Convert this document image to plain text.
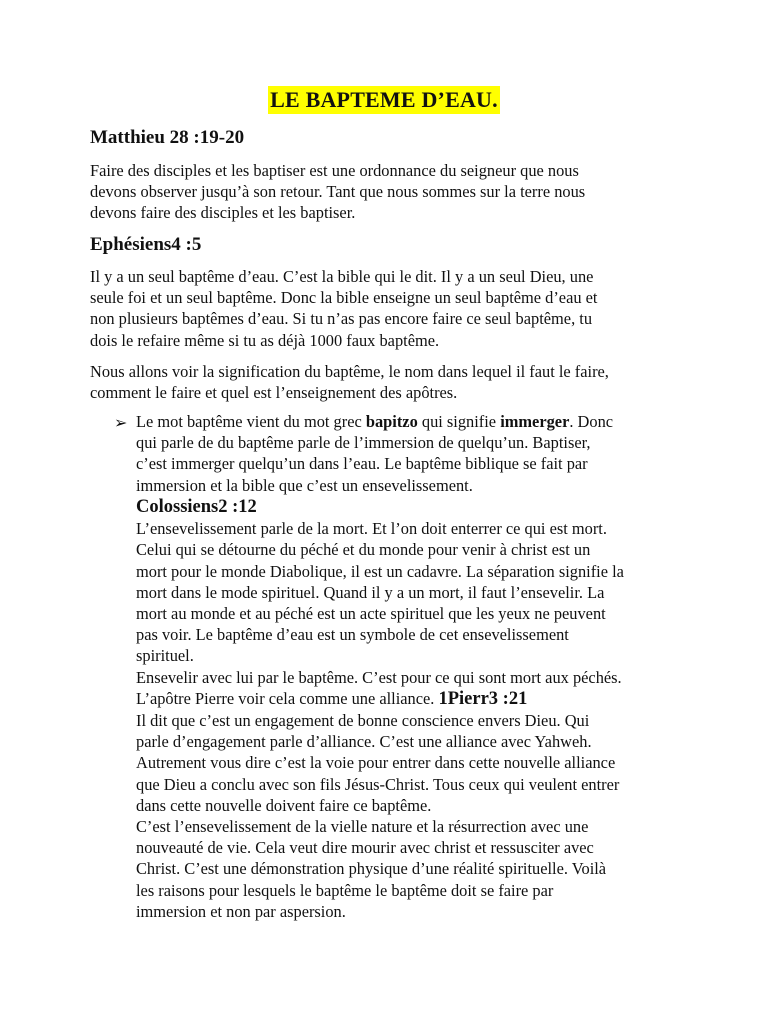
LE BAPTEME D’EAU.
Matthieu 28 :19-20
Faire des disciples et les baptiser est une ordonnance du seigneur que nous
devons observer jusqu’à son retour. Tant que nous sommes sur la terre nous
devons faire des disciples et les baptiser.
Ephésiens4 :5
Il y a un seul baptême d’eau. C’est la bible qui le dit. Il y a un seul Dieu, une
seule foi et un seul baptême. Donc la bible enseigne un seul baptême d’eau et
non plusieurs baptêmes d’eau. Si tu n’as pas encore faire ce seul baptême, tu
dois le refaire même si tu as déjà 1000 faux baptême.
Nous allons voir la signification du baptême, le nom dans lequel il faut le faire,
comment le faire et quel est l’enseignement des apôtres.
➢ Le mot baptême vient du mot grec bapitzo qui signifie immerger. Donc
qui parle de du baptême parle de l’immersion de quelqu’un. Baptiser,
c’est immerger quelqu’un dans l’eau. Le baptême biblique se fait par
immersion et la bible que c’est un ensevelissement.
Colossiens2 :12
L’ensevelissement parle de la mort. Et l’on doit enterrer ce qui est mort.
Celui qui se détourne du péché et du monde pour venir à christ est un
mort pour le monde Diabolique, il est un cadavre. La séparation signifie la
mort dans le mode spirituel. Quand il y a un mort, il faut l’ensevelir. La
mort au monde et au péché est un acte spirituel que les yeux ne peuvent
pas voir. Le baptême d’eau est un symbole de cet ensevelissement
spirituel.
Ensevelir avec lui par le baptême. C’est pour ce qui sont mort aux péchés.
L’apôtre Pierre voir cela comme une alliance. 1Pierr3 :21
Il dit que c’est un engagement de bonne conscience envers Dieu. Qui
parle d’engagement parle d’alliance. C’est une alliance avec Yahweh.
Autrement vous dire c’est la voie pour entrer dans cette nouvelle alliance
que Dieu a conclu avec son fils Jésus-Christ. Tous ceux qui veulent entrer
dans cette nouvelle doivent faire ce baptême.
C’est l’ensevelissement de la vielle nature et la résurrection avec une
nouveauté de vie. Cela veut dire mourir avec christ et ressusciter avec
Christ. C’est une démonstration physique d’une réalité spirituelle. Voilà
les raisons pour lesquels le baptême le baptême doit se faire par
immersion et non par aspersion.
